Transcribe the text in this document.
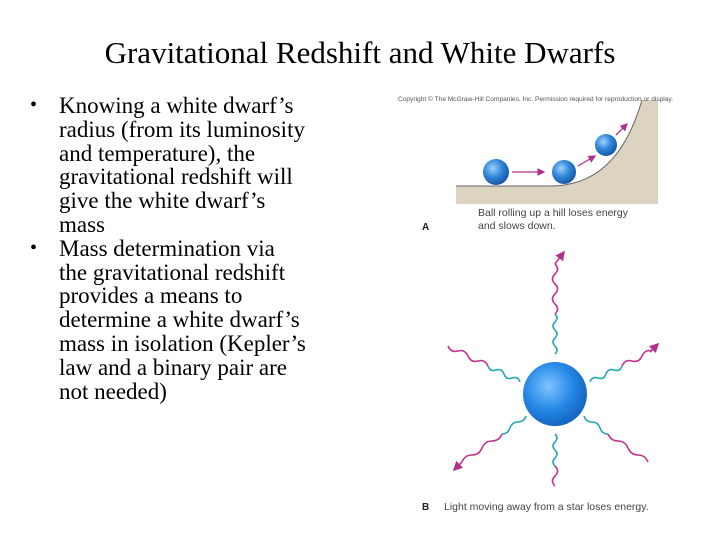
Gravitational Redshift and White Dwarfs
• Knowing a white dwarf’s
radius (from its luminosity
and temperature), the
gravitational redshift will
give the white dwarf’s
mass
• Mass determination via
the gravitational redshift
provides a means to
determine a white dwarf’s
mass in isolation (Kepler’s
law and a binary pair are
not needed)
Copyright © The McGraw-Hill Companies, Inc. Permission required for reproduction or display.
A
Ball rolling up a hill loses energy
and slows down.
B Light moving away from a star loses energy.
